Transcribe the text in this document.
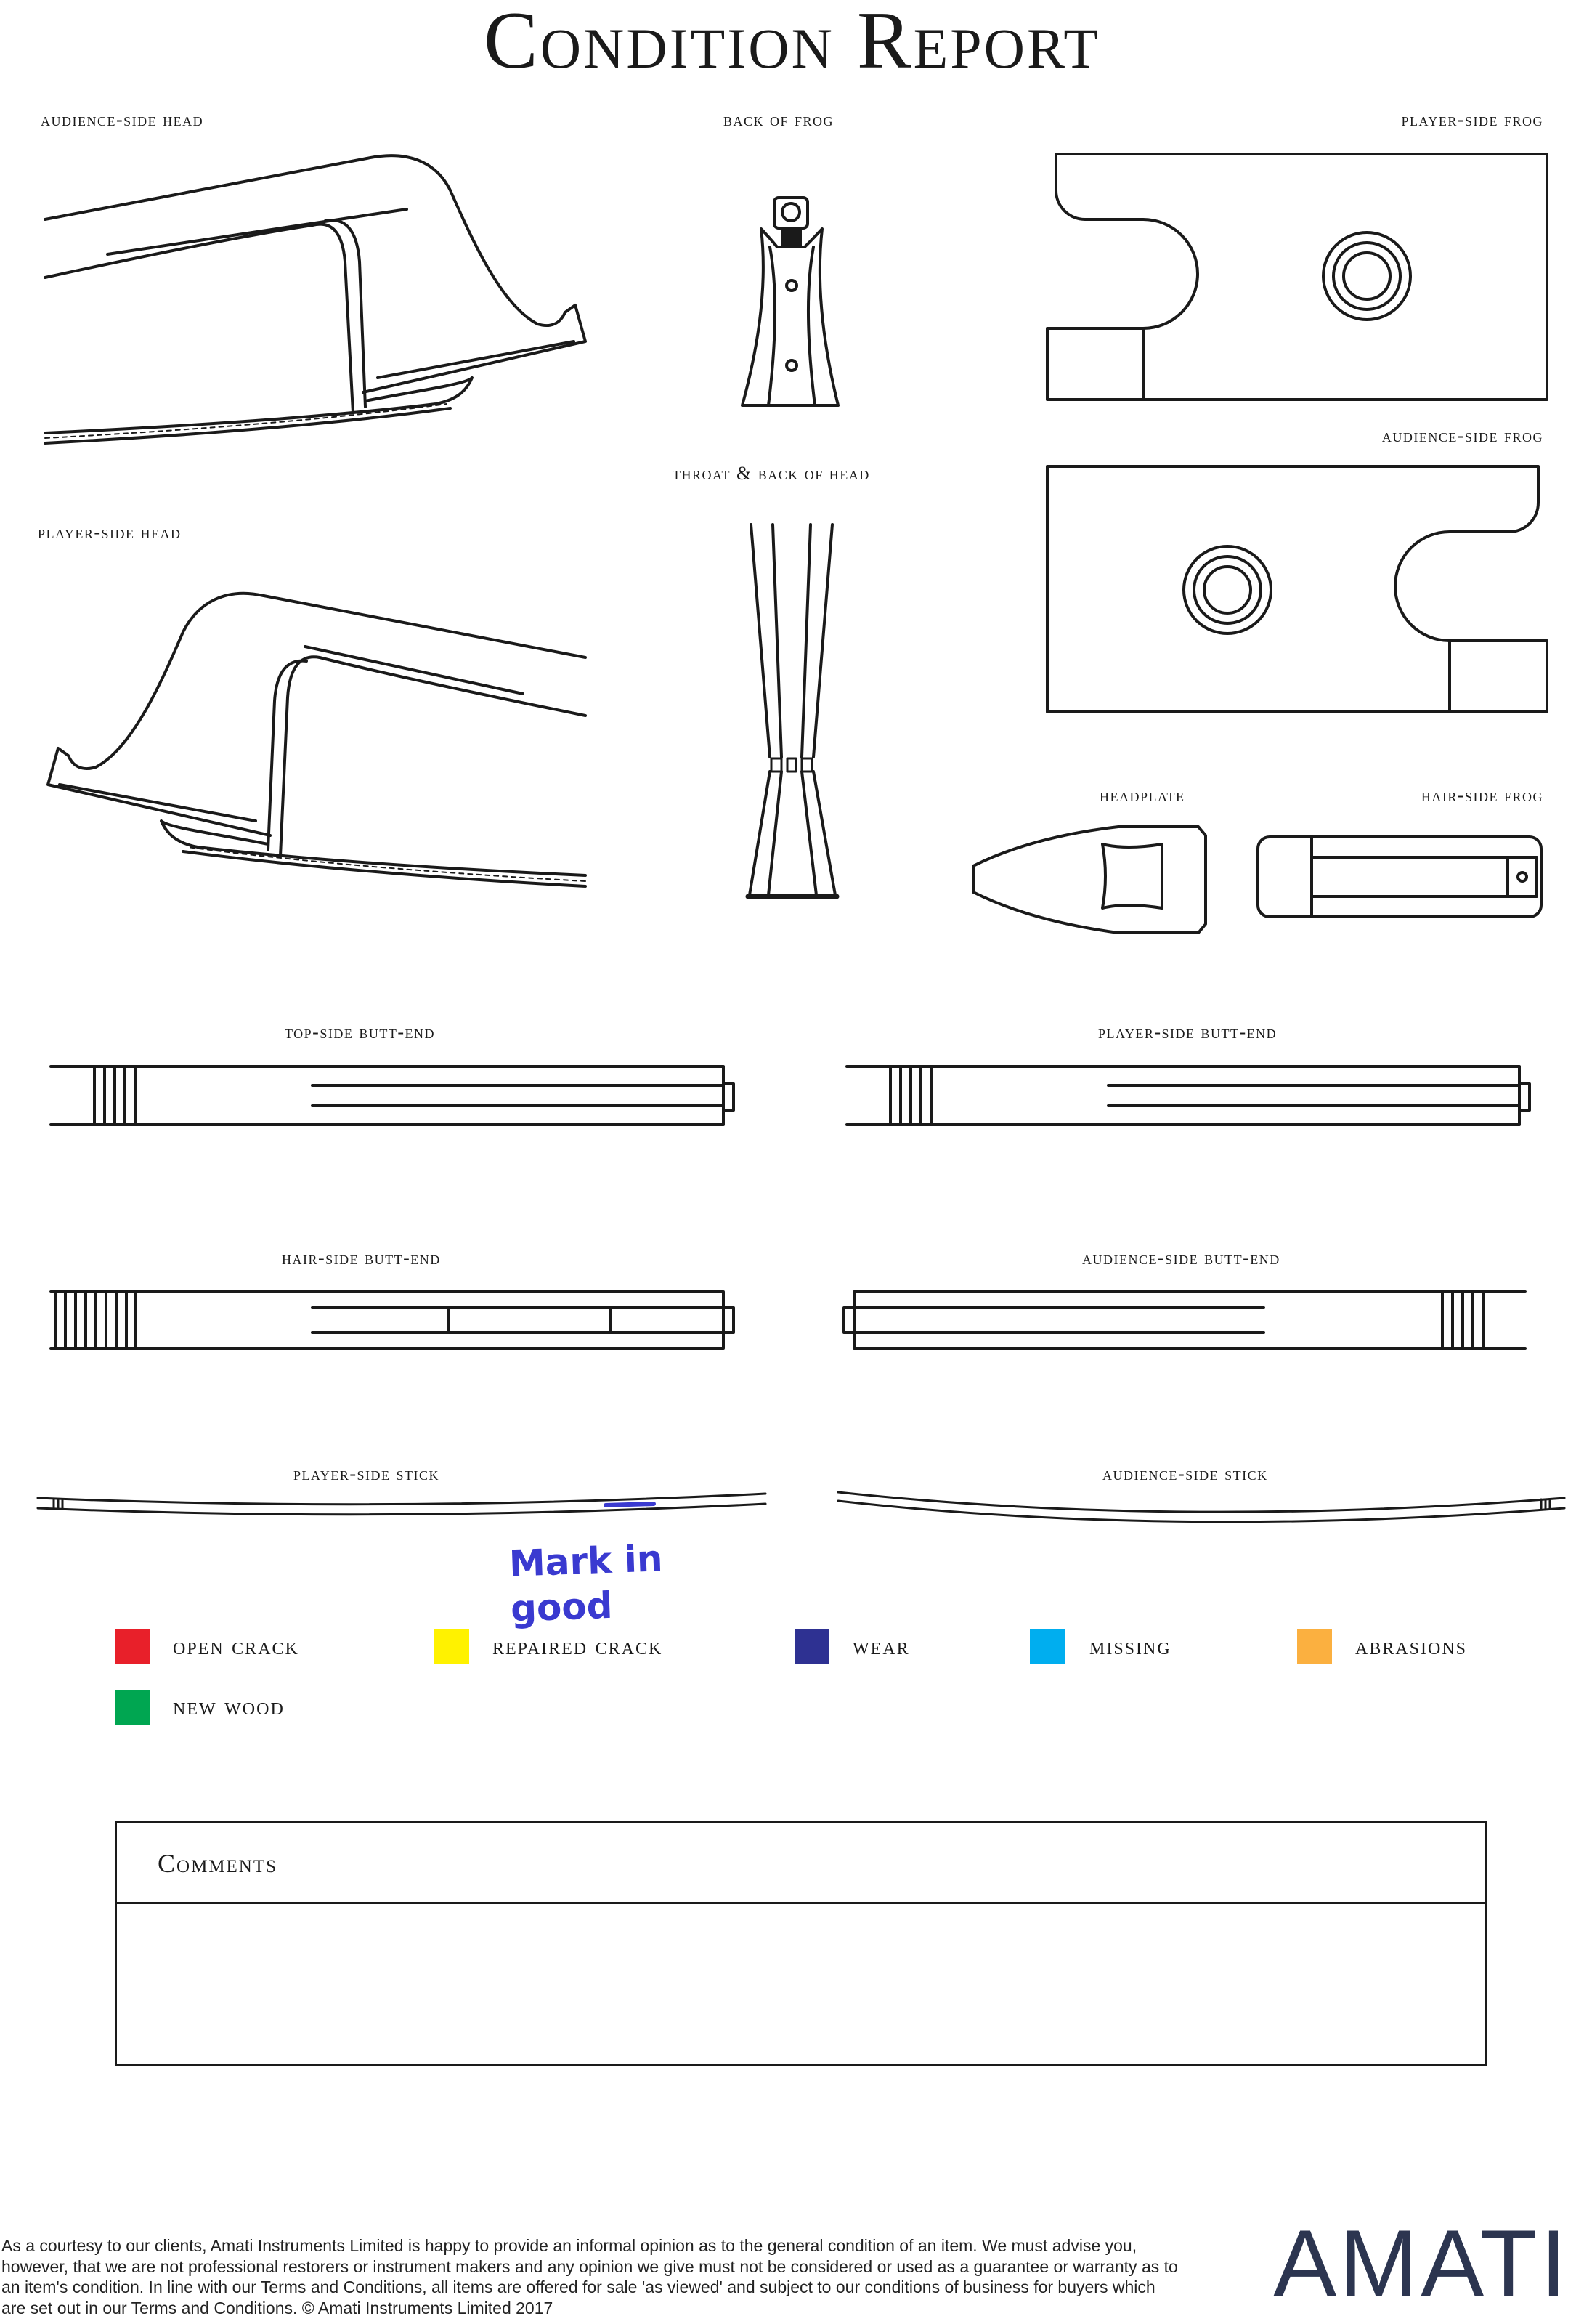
Condition Report
audience-side head	back of frog	player-side frog
audience-side frog
throat & back of head
player-side head
headplate	hair-side frog
top-side butt-end	player-side butt-end
hair-side butt-end	audience-side butt-end
player-side stick	audience-side stick
Mark in
good
open crack	repaired crack	wear	missing	abrasions
new wood
Comments
As a courtesy to our clients, Amati Instruments Limited is happy to provide an informal opinion as to the general condition of an item. We must advise you, however, that we are not professional restorers or instrument makers and any opinion we give must not be considered or used as a guarantee or warranty as to an item's condition. In line with our Terms and Conditions, all items are offered for sale 'as viewed' and subject to our conditions of business for buyers which are set out in our Terms and Conditions. © Amati Instruments Limited 2017	AMATI
